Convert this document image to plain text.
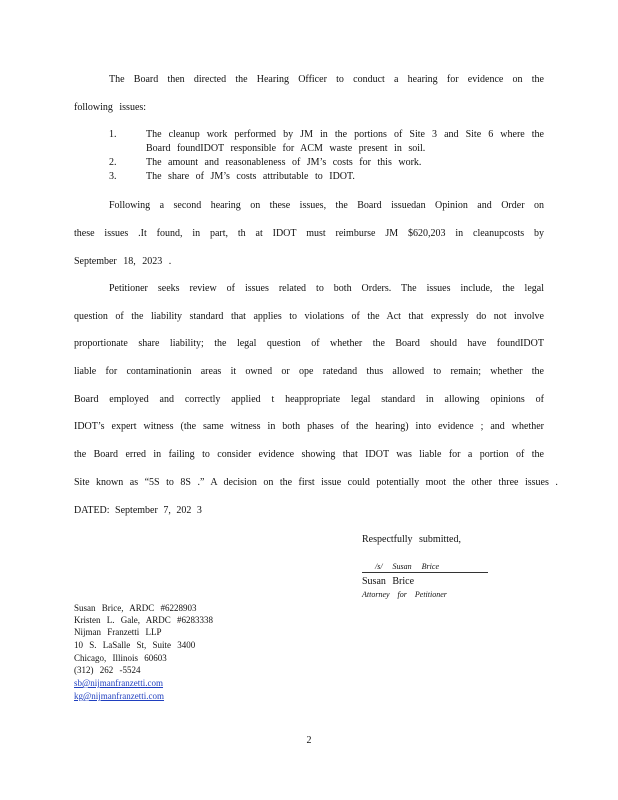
The Board then directed the Hearing Officer to conduct a hearing for evidence on the
following issues:
1.	The cleanup work performed by JM in the portions of Site 3 and Site 6 where the
Board foundIDOT responsible for ACM waste present in soil.
2.	The amount and reasonableness of JM’s costs for this work.
3.	The share of JM’s costs attributable to IDOT.
Following a second hearing on these issues, the Board issuedan Opinion and Order on
these issues .It found, in part, th at IDOT must reimburse JM $620,203 in cleanupcosts by
September 18, 2023 .
Petitioner seeks review of issues related to both Orders. The issues include, the legal
question of the liability standard that applies to violations of the Act that expressly do not involve
proportionate share liability; the legal question of whether the Board should have foundIDOT
liable for contaminationin areas it owned or ope ratedand thus allowed to remain; whether the
Board employed and correctly applied t heappropriate legal standard in allowing opinions of
IDOT’s expert witness (the same witness in both phases of the hearing) into evidence ; and whether
the Board erred in failing to consider evidence showing that IDOT was liable for a portion of the
Site known as “5S to 8S .” A decision on the first issue could potentially moot the other three issues .
DATED: September 7, 202 3
Respectfully submitted,
/s/ Susan Brice
Susan Brice
Attorney for Petitioner
Susan Brice, ARDC #6228903
Kristen L. Gale, ARDC #6283338
Nijman Franzetti LLP
10 S. LaSalle St, Suite 3400
Chicago, Illinois 60603
(312) 262 -5524
sb@nijmanfranzetti.com
kg@nijmanfranzetti.com
2
